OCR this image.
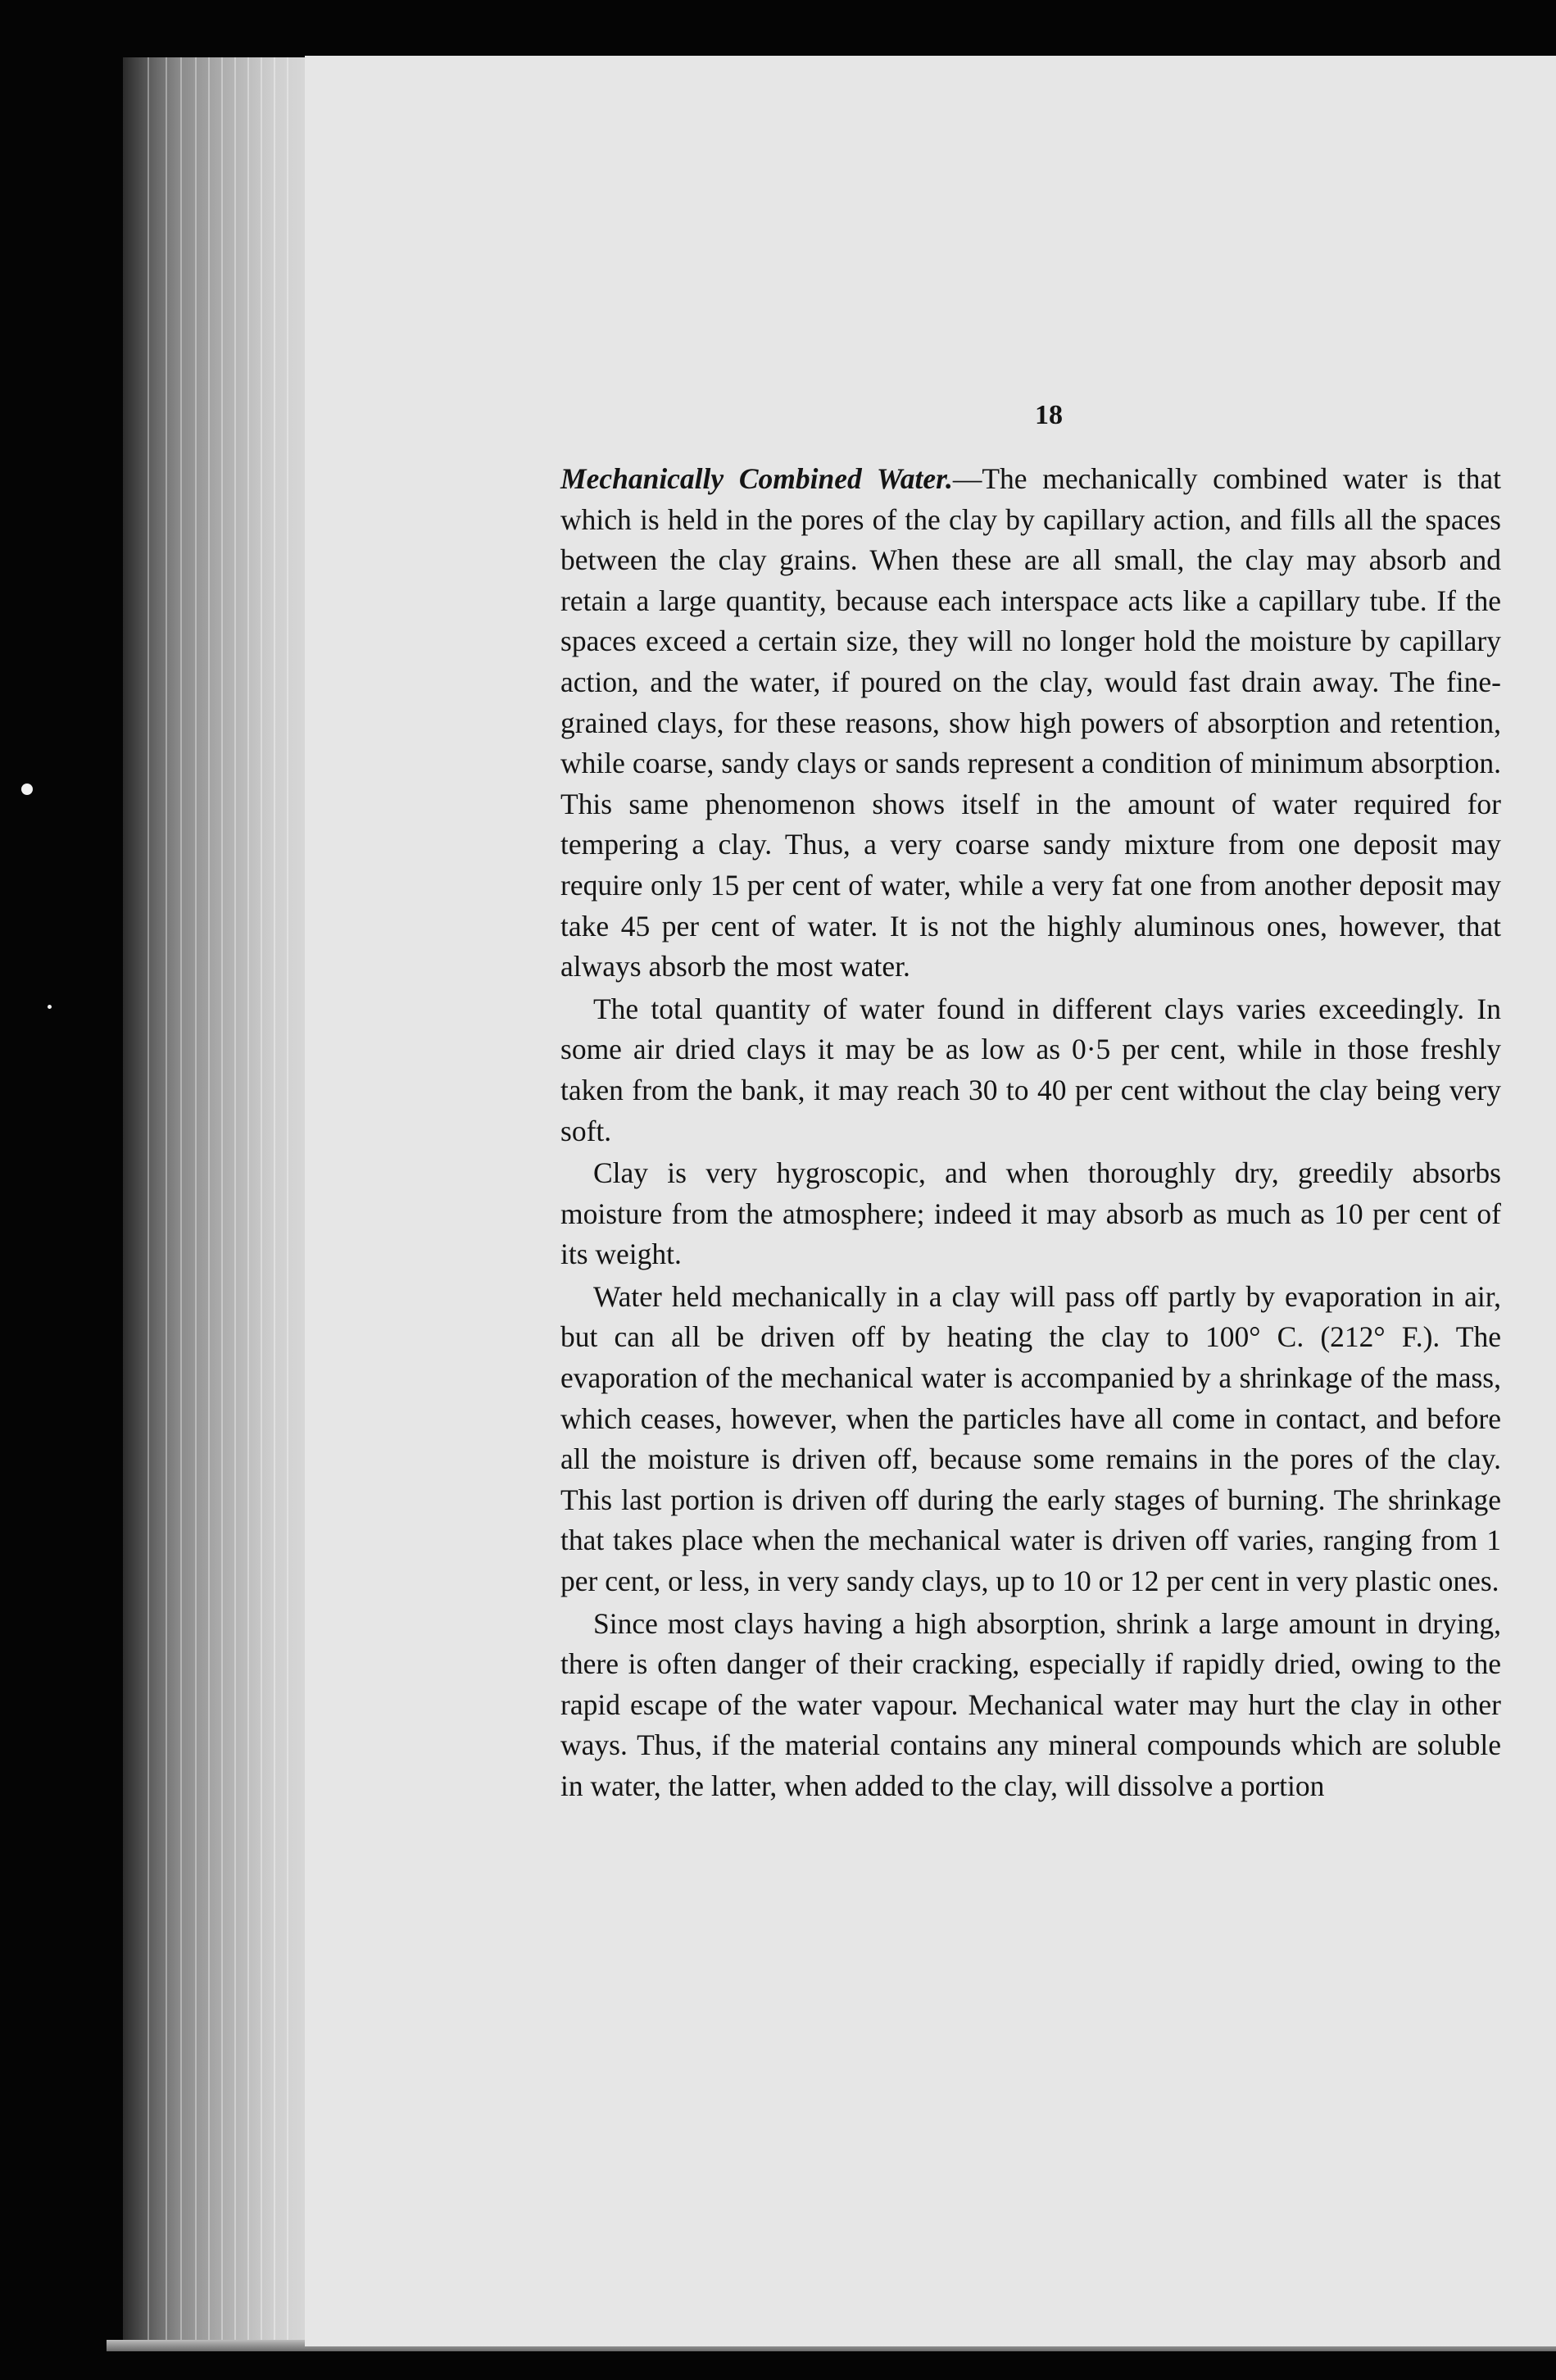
18

Mechanically Combined Water.—The mechanically combined water is that which is held in the pores of the clay by capillary action, and fills all the spaces between the clay grains. When these are all small, the clay may absorb and retain a large quantity, because each interspace acts like a capillary tube. If the spaces exceed a certain size, they will no longer hold the moisture by capillary action, and the water, if poured on the clay, would fast drain away. The fine-grained clays, for these reasons, show high powers of absorption and retention, while coarse, sandy clays or sands represent a condition of minimum absorption. This same phenomenon shows itself in the amount of water required for tempering a clay. Thus, a very coarse sandy mixture from one deposit may require only 15 per cent of water, while a very fat one from another deposit may take 45 per cent of water. It is not the highly aluminous ones, however, that always absorb the most water.

The total quantity of water found in different clays varies exceedingly. In some air dried clays it may be as low as 0·5 per cent, while in those freshly taken from the bank, it may reach 30 to 40 per cent without the clay being very soft.

Clay is very hygroscopic, and when thoroughly dry, greedily absorbs moisture from the atmosphere; indeed it may absorb as much as 10 per cent of its weight.

Water held mechanically in a clay will pass off partly by evaporation in air, but can all be driven off by heating the clay to 100° C. (212° F.). The evaporation of the mechanical water is accompanied by a shrinkage of the mass, which ceases, however, when the particles have all come in contact, and before all the moisture is driven off, because some remains in the pores of the clay. This last portion is driven off during the early stages of burning. The shrinkage that takes place when the mechanical water is driven off varies, ranging from 1 per cent, or less, in very sandy clays, up to 10 or 12 per cent in very plastic ones.

Since most clays having a high absorption, shrink a large amount in drying, there is often danger of their cracking, especially if rapidly dried, owing to the rapid escape of the water vapour. Mechanical water may hurt the clay in other ways. Thus, if the material contains any mineral compounds which are soluble in water, the latter, when added to the clay, will dissolve a portion
